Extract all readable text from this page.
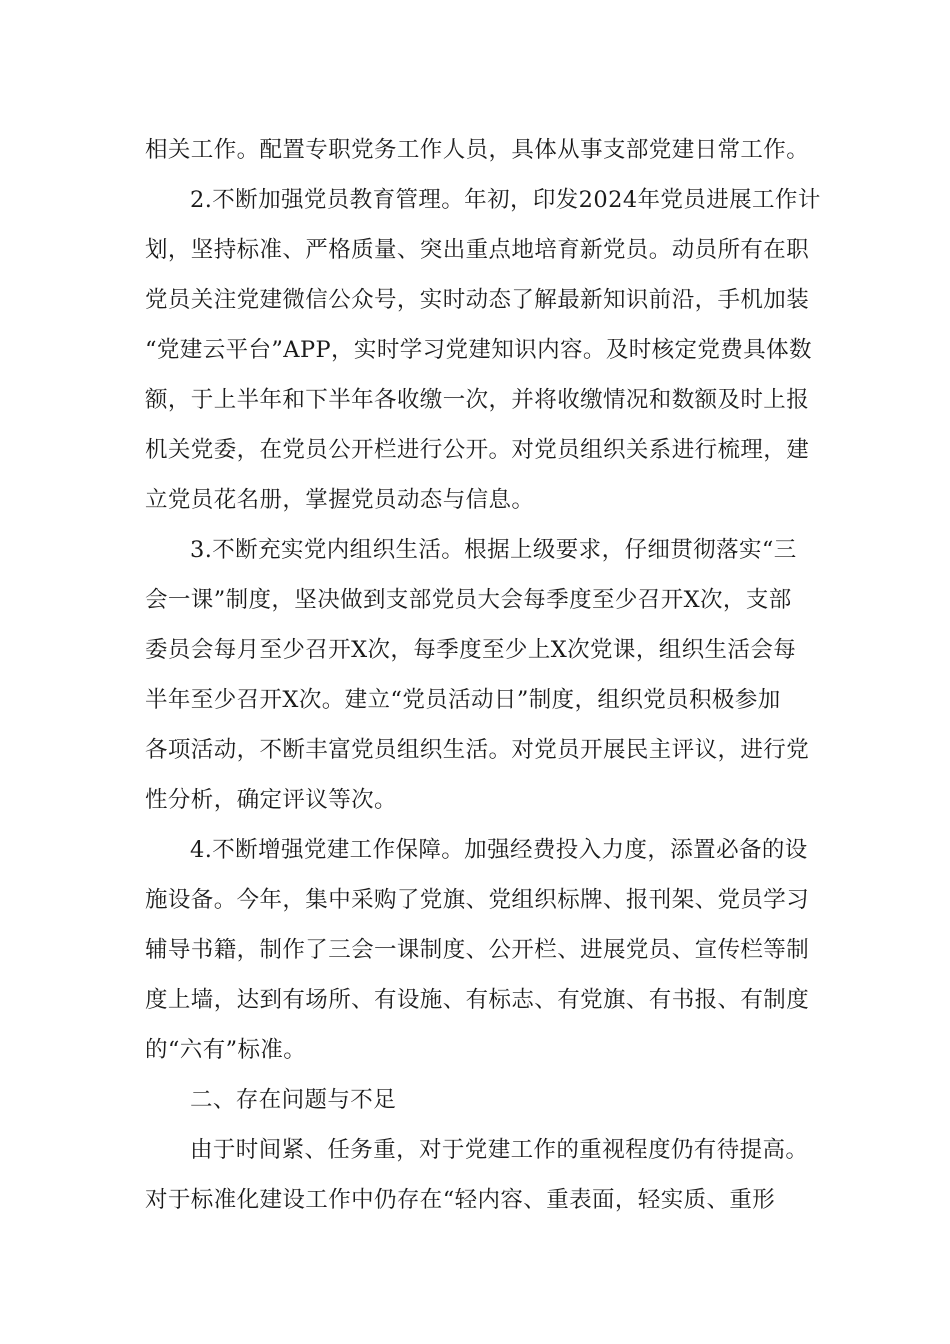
相关工作。配置专职党务工作人员，具体从事支部党建日常工作。
2.不断加强党员教育管理。年初，印发2024年党员进展工作计
划，坚持标准、严格质量、突出重点地培育新党员。动员所有在职
党员关注党建微信公众号，实时动态了解最新知识前沿，手机加装
“党建云平台”APP，实时学习党建知识内容。及时核定党费具体数
额，于上半年和下半年各收缴一次，并将收缴情况和数额及时上报
机关党委，在党员公开栏进行公开。对党员组织关系进行梳理，建
立党员花名册，掌握党员动态与信息。
3.不断充实党内组织生活。根据上级要求，仔细贯彻落实“三
会一课”制度，坚决做到支部党员大会每季度至少召开X次，支部
委员会每月至少召开X次，每季度至少上X次党课，组织生活会每
半年至少召开X次。建立“党员活动日”制度，组织党员积极参加
各项活动，不断丰富党员组织生活。对党员开展民主评议，进行党
性分析，确定评议等次。
4.不断增强党建工作保障。加强经费投入力度，添置必备的设
施设备。今年，集中采购了党旗、党组织标牌、报刊架、党员学习
辅导书籍，制作了三会一课制度、公开栏、进展党员、宣传栏等制
度上墙，达到有场所、有设施、有标志、有党旗、有书报、有制度
的“六有”标准。
二、存在问题与不足
由于时间紧、任务重，对于党建工作的重视程度仍有待提高。
对于标准化建设工作中仍存在“轻内容、重表面，轻实质、重形
